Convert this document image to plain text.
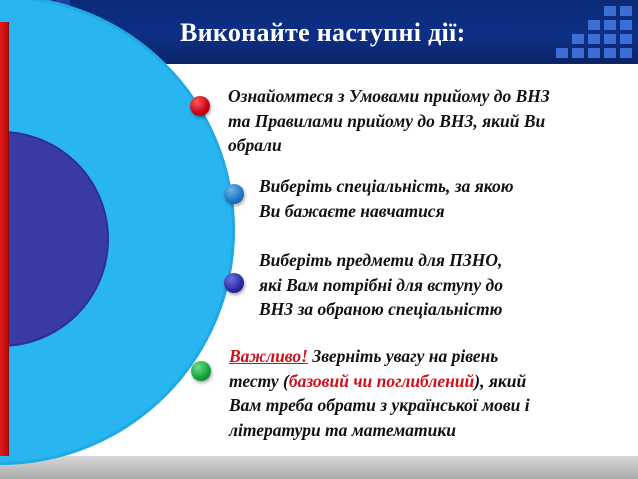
Виконайте наступні дії:
Ознайомтеся з Умовами прийому до ВНЗ
та Правилами прийому до ВНЗ, який Ви
обрали
Виберіть спеціальність, за якою
Ви бажаєте навчатися
Виберіть предмети для ПЗНО,
які Вам потрібні для вступу до
ВНЗ за обраною спеціальністю
Важливо! Зверніть увагу на рівень
тесту (базовий чи поглиблений), який
Вам треба обрати з української мови і
літератури та математики
